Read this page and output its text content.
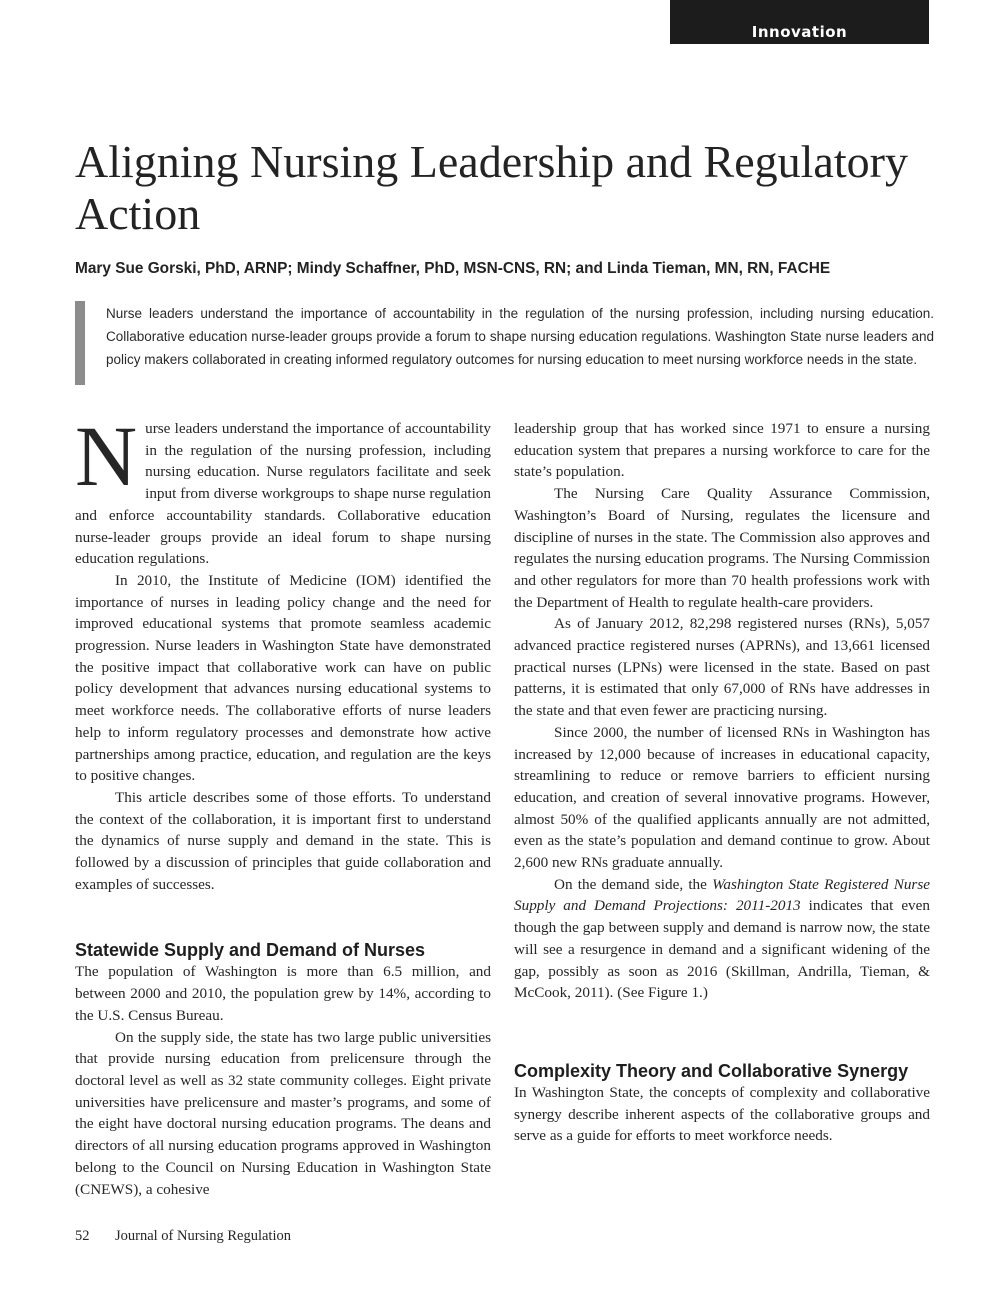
Innovation
Aligning Nursing Leadership and Regulatory Action

Mary Sue Gorski, PhD, ARNP; Mindy Schaffner, PhD, MSN-CNS, RN; and Linda Tieman, MN, RN, FACHE

Nurse leaders understand the importance of accountability in the regulation of the nursing profession, including nursing education. Collaborative education nurse-leader groups provide a forum to shape nursing education regulations. Washington State nurse leaders and policy makers collaborated in creating informed regulatory outcomes for nursing education to meet nursing workforce needs in the state.

Nurse leaders understand the importance of accountability in the regulation of the nursing profession, including nursing education. Nurse regulators facilitate and seek input from diverse workgroups to shape nurse regulation and enforce accountability standards. Collaborative education nurse-leader groups provide an ideal forum to shape nursing education regulations.

In 2010, the Institute of Medicine (IOM) identified the importance of nurses in leading policy change and the need for improved educational systems that promote seamless academic progression. Nurse leaders in Washington State have demonstrated the positive impact that collaborative work can have on public policy development that advances nursing educational systems to meet workforce needs. The collaborative efforts of nurse leaders help to inform regulatory processes and demonstrate how active partnerships among practice, education, and regulation are the keys to positive changes.

This article describes some of those efforts. To understand the context of the collaboration, it is important first to understand the dynamics of nurse supply and demand in the state. This is followed by a discussion of principles that guide collaboration and examples of successes.

Statewide Supply and Demand of Nurses

The population of Washington is more than 6.5 million, and between 2000 and 2010, the population grew by 14%, according to the U.S. Census Bureau.

On the supply side, the state has two large public universities that provide nursing education from prelicensure through the doctoral level as well as 32 state community colleges. Eight private universities have prelicensure and master’s programs, and some of the eight have doctoral nursing education programs. The deans and directors of all nursing education programs approved in Washington belong to the Council on Nursing Education in Washington State (CNEWS), a cohesive

leadership group that has worked since 1971 to ensure a nursing education system that prepares a nursing workforce to care for the state’s population.

The Nursing Care Quality Assurance Commission, Washington’s Board of Nursing, regulates the licensure and discipline of nurses in the state. The Commission also approves and regulates the nursing education programs. The Nursing Commission and other regulators for more than 70 health professions work with the Department of Health to regulate health-care providers.

As of January 2012, 82,298 registered nurses (RNs), 5,057 advanced practice registered nurses (APRNs), and 13,661 licensed practical nurses (LPNs) were licensed in the state. Based on past patterns, it is estimated that only 67,000 of RNs have addresses in the state and that even fewer are practicing nursing.

Since 2000, the number of licensed RNs in Washington has increased by 12,000 because of increases in educational capacity, streamlining to reduce or remove barriers to efficient nursing education, and creation of several innovative programs. However, almost 50% of the qualified applicants annually are not admitted, even as the state’s population and demand continue to grow. About 2,600 new RNs graduate annually.

On the demand side, the Washington State Registered Nurse Supply and Demand Projections: 2011-2013 indicates that even though the gap between supply and demand is narrow now, the state will see a resurgence in demand and a significant widening of the gap, possibly as soon as 2016 (Skillman, Andrilla, Tieman, & McCook, 2011). (See Figure 1.)

Complexity Theory and Collaborative Synergy

In Washington State, the concepts of complexity and collaborative synergy describe inherent aspects of the collaborative groups and serve as a guide for efforts to meet workforce needs.

52 Journal of Nursing Regulation
